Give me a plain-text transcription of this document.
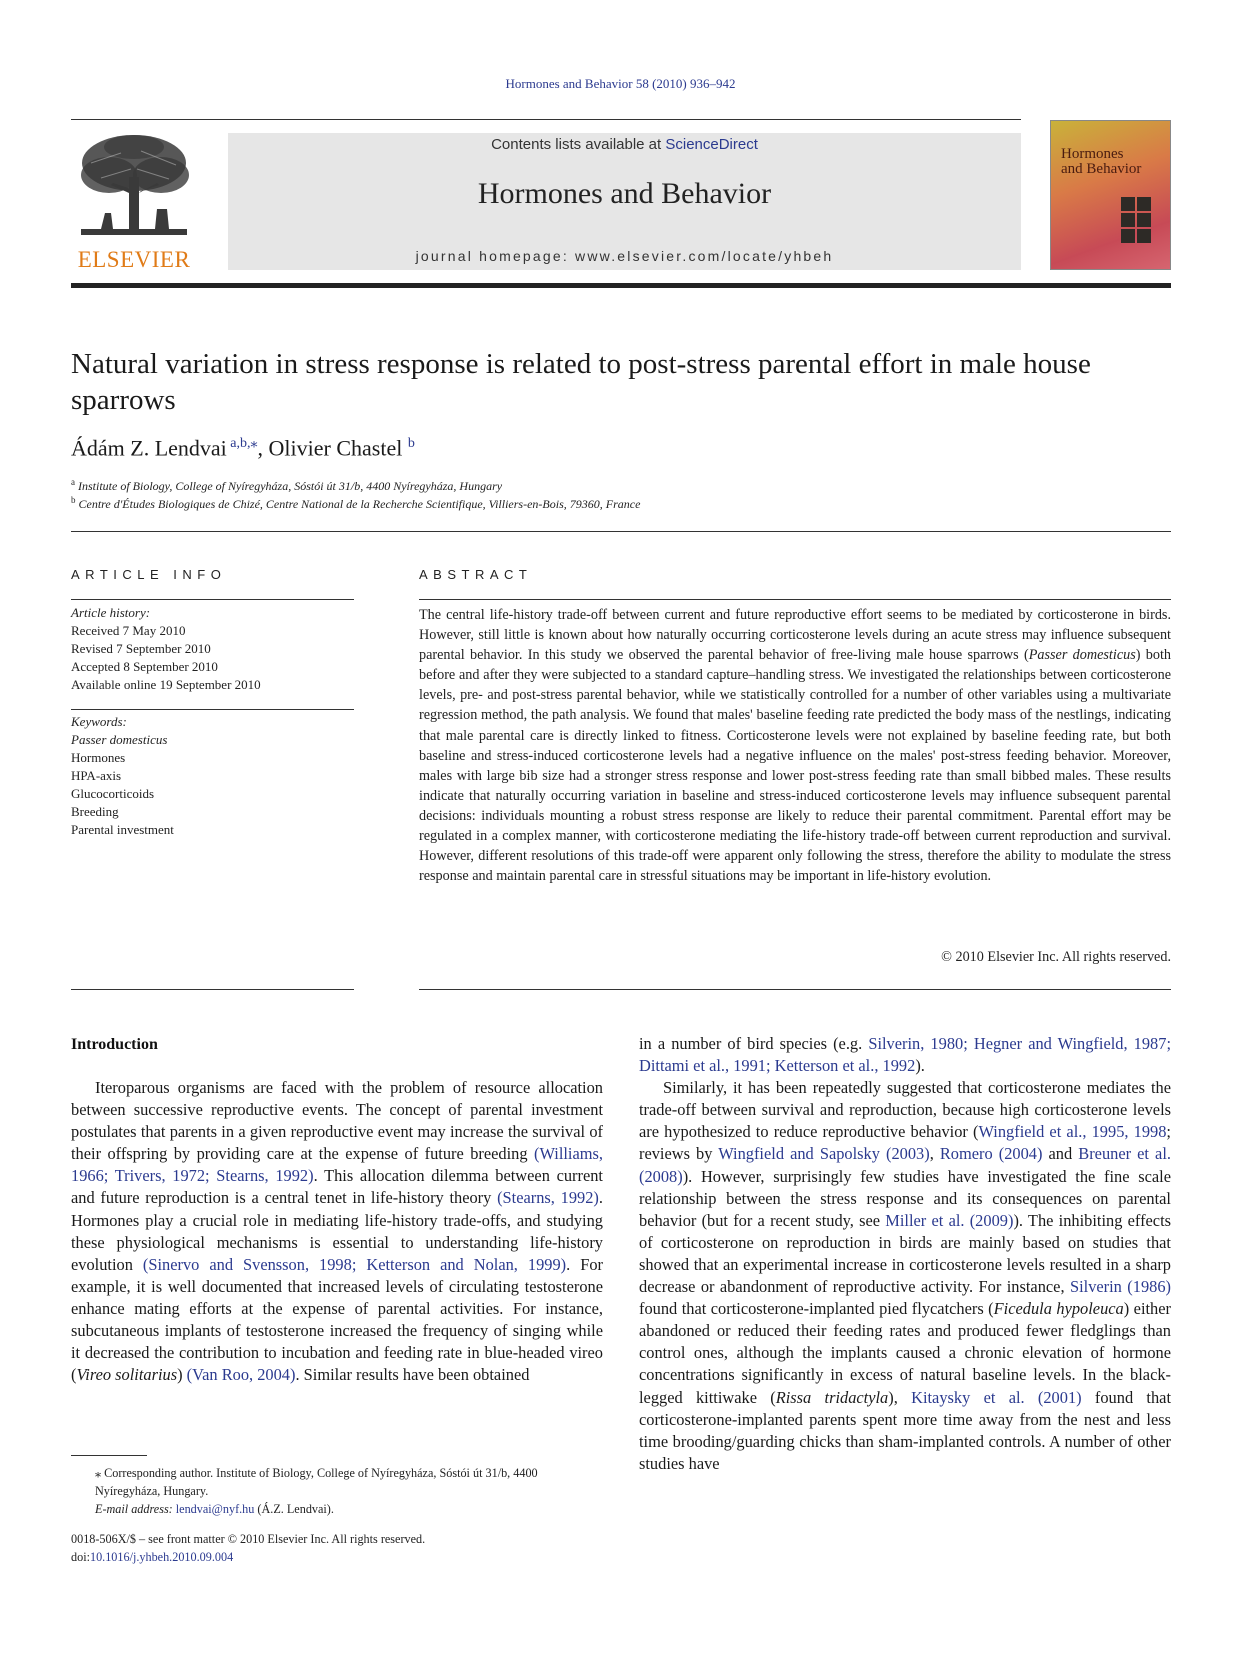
Hormones and Behavior 58 (2010) 936–942
ELSEVIER
Contents lists available at ScienceDirect
Hormones and Behavior
journal homepage: www.elsevier.com/locate/yhbeh
Hormones
and Behavior
Natural variation in stress response is related to post-stress parental effort in male house sparrows
Ádám Z. Lendvai $^{a,b,⁎}$, Olivier Chastel $^b$
$^a$ Institute of Biology, College of Nyíregyháza, Sóstói út 31/b, 4400 Nyíregyháza, Hungary
$^b$ Centre d'Études Biologiques de Chizé, Centre National de la Recherche Scientifique, Villiers-en-Bois, 79360, France
ARTICLE INFO
Article history:
Received 7 May 2010
Revised 7 September 2010
Accepted 8 September 2010
Available online 19 September 2010
Keywords:
Passer domesticus
Hormones
HPA-axis
Glucocorticoids
Breeding
Parental investment
ABSTRACT
The central life-history trade-off between current and future reproductive effort seems to be mediated by corticosterone in birds. However, still little is known about how naturally occurring corticosterone levels during an acute stress may influence subsequent parental behavior. In this study we observed the parental behavior of free-living male house sparrows (Passer domesticus) both before and after they were subjected to a standard capture–handling stress. We investigated the relationships between corticosterone levels, pre- and post-stress parental behavior, while we statistically controlled for a number of other variables using a multivariate regression method, the path analysis. We found that males' baseline feeding rate predicted the body mass of the nestlings, indicating that male parental care is directly linked to fitness. Corticosterone levels were not explained by baseline feeding rate, but both baseline and stress-induced corticosterone levels had a negative influence on the males' post-stress feeding behavior. Moreover, males with large bib size had a stronger stress response and lower post-stress feeding rate than small bibbed males. These results indicate that naturally occurring variation in baseline and stress-induced corticosterone levels may influence subsequent parental decisions: individuals mounting a robust stress response are likely to reduce their parental commitment. Parental effort may be regulated in a complex manner, with corticosterone mediating the life-history trade-off between current reproduction and survival. However, different resolutions of this trade-off were apparent only following the stress, therefore the ability to modulate the stress response and maintain parental care in stressful situations may be important in life-history evolution.
© 2010 Elsevier Inc. All rights reserved.
Introduction

Iteroparous organisms are faced with the problem of resource allocation between successive reproductive events. The concept of parental investment postulates that parents in a given reproductive event may increase the survival of their offspring by providing care at the expense of future breeding (Williams, 1966; Trivers, 1972; Stearns, 1992). This allocation dilemma between current and future reproduction is a central tenet in life-history theory (Stearns, 1992). Hormones play a crucial role in mediating life-history trade-offs, and studying these physiological mechanisms is essential to understanding life-history evolution (Sinervo and Svensson, 1998; Ketterson and Nolan, 1999). For example, it is well documented that increased levels of circulating testosterone enhance mating efforts at the expense of parental activities. For instance, subcutaneous implants of testosterone increased the frequency of singing while it decreased the contribution to incubation and feeding rate in blue-headed vireo (Vireo solitarius) (Van Roo, 2004). Similar results have been obtained

in a number of bird species (e.g. Silverin, 1980; Hegner and Wingfield, 1987; Dittami et al., 1991; Ketterson et al., 1992).

Similarly, it has been repeatedly suggested that corticosterone mediates the trade-off between survival and reproduction, because high corticosterone levels are hypothesized to reduce reproductive behavior (Wingfield et al., 1995, 1998; reviews by Wingfield and Sapolsky (2003), Romero (2004) and Breuner et al. (2008)). However, surprisingly few studies have investigated the fine scale relationship between the stress response and its consequences on parental behavior (but for a recent study, see Miller et al. (2009)). The inhibiting effects of corticosterone on reproduction in birds are mainly based on studies that showed that an experimental increase in corticosterone levels resulted in a sharp decrease or abandonment of reproductive activity. For instance, Silverin (1986) found that corticosterone-implanted pied flycatchers (Ficedula hypoleuca) either abandoned or reduced their feeding rates and produced fewer fledglings than control ones, although the implants caused a chronic elevation of hormone concentrations significantly in excess of natural baseline levels. In the black-legged kittiwake (Rissa tridactyla), Kitaysky et al. (2001) found that corticosterone-implanted parents spent more time away from the nest and less time brooding/guarding chicks than sham-implanted controls. A number of other studies have

⁎ Corresponding author. Institute of Biology, College of Nyíregyháza, Sóstói út 31/b, 4400 Nyíregyháza, Hungary.
E-mail address: lendvai@nyf.hu (Á.Z. Lendvai).
0018-506X/$ – see front matter © 2010 Elsevier Inc. All rights reserved.
doi:10.1016/j.yhbeh.2010.09.004
